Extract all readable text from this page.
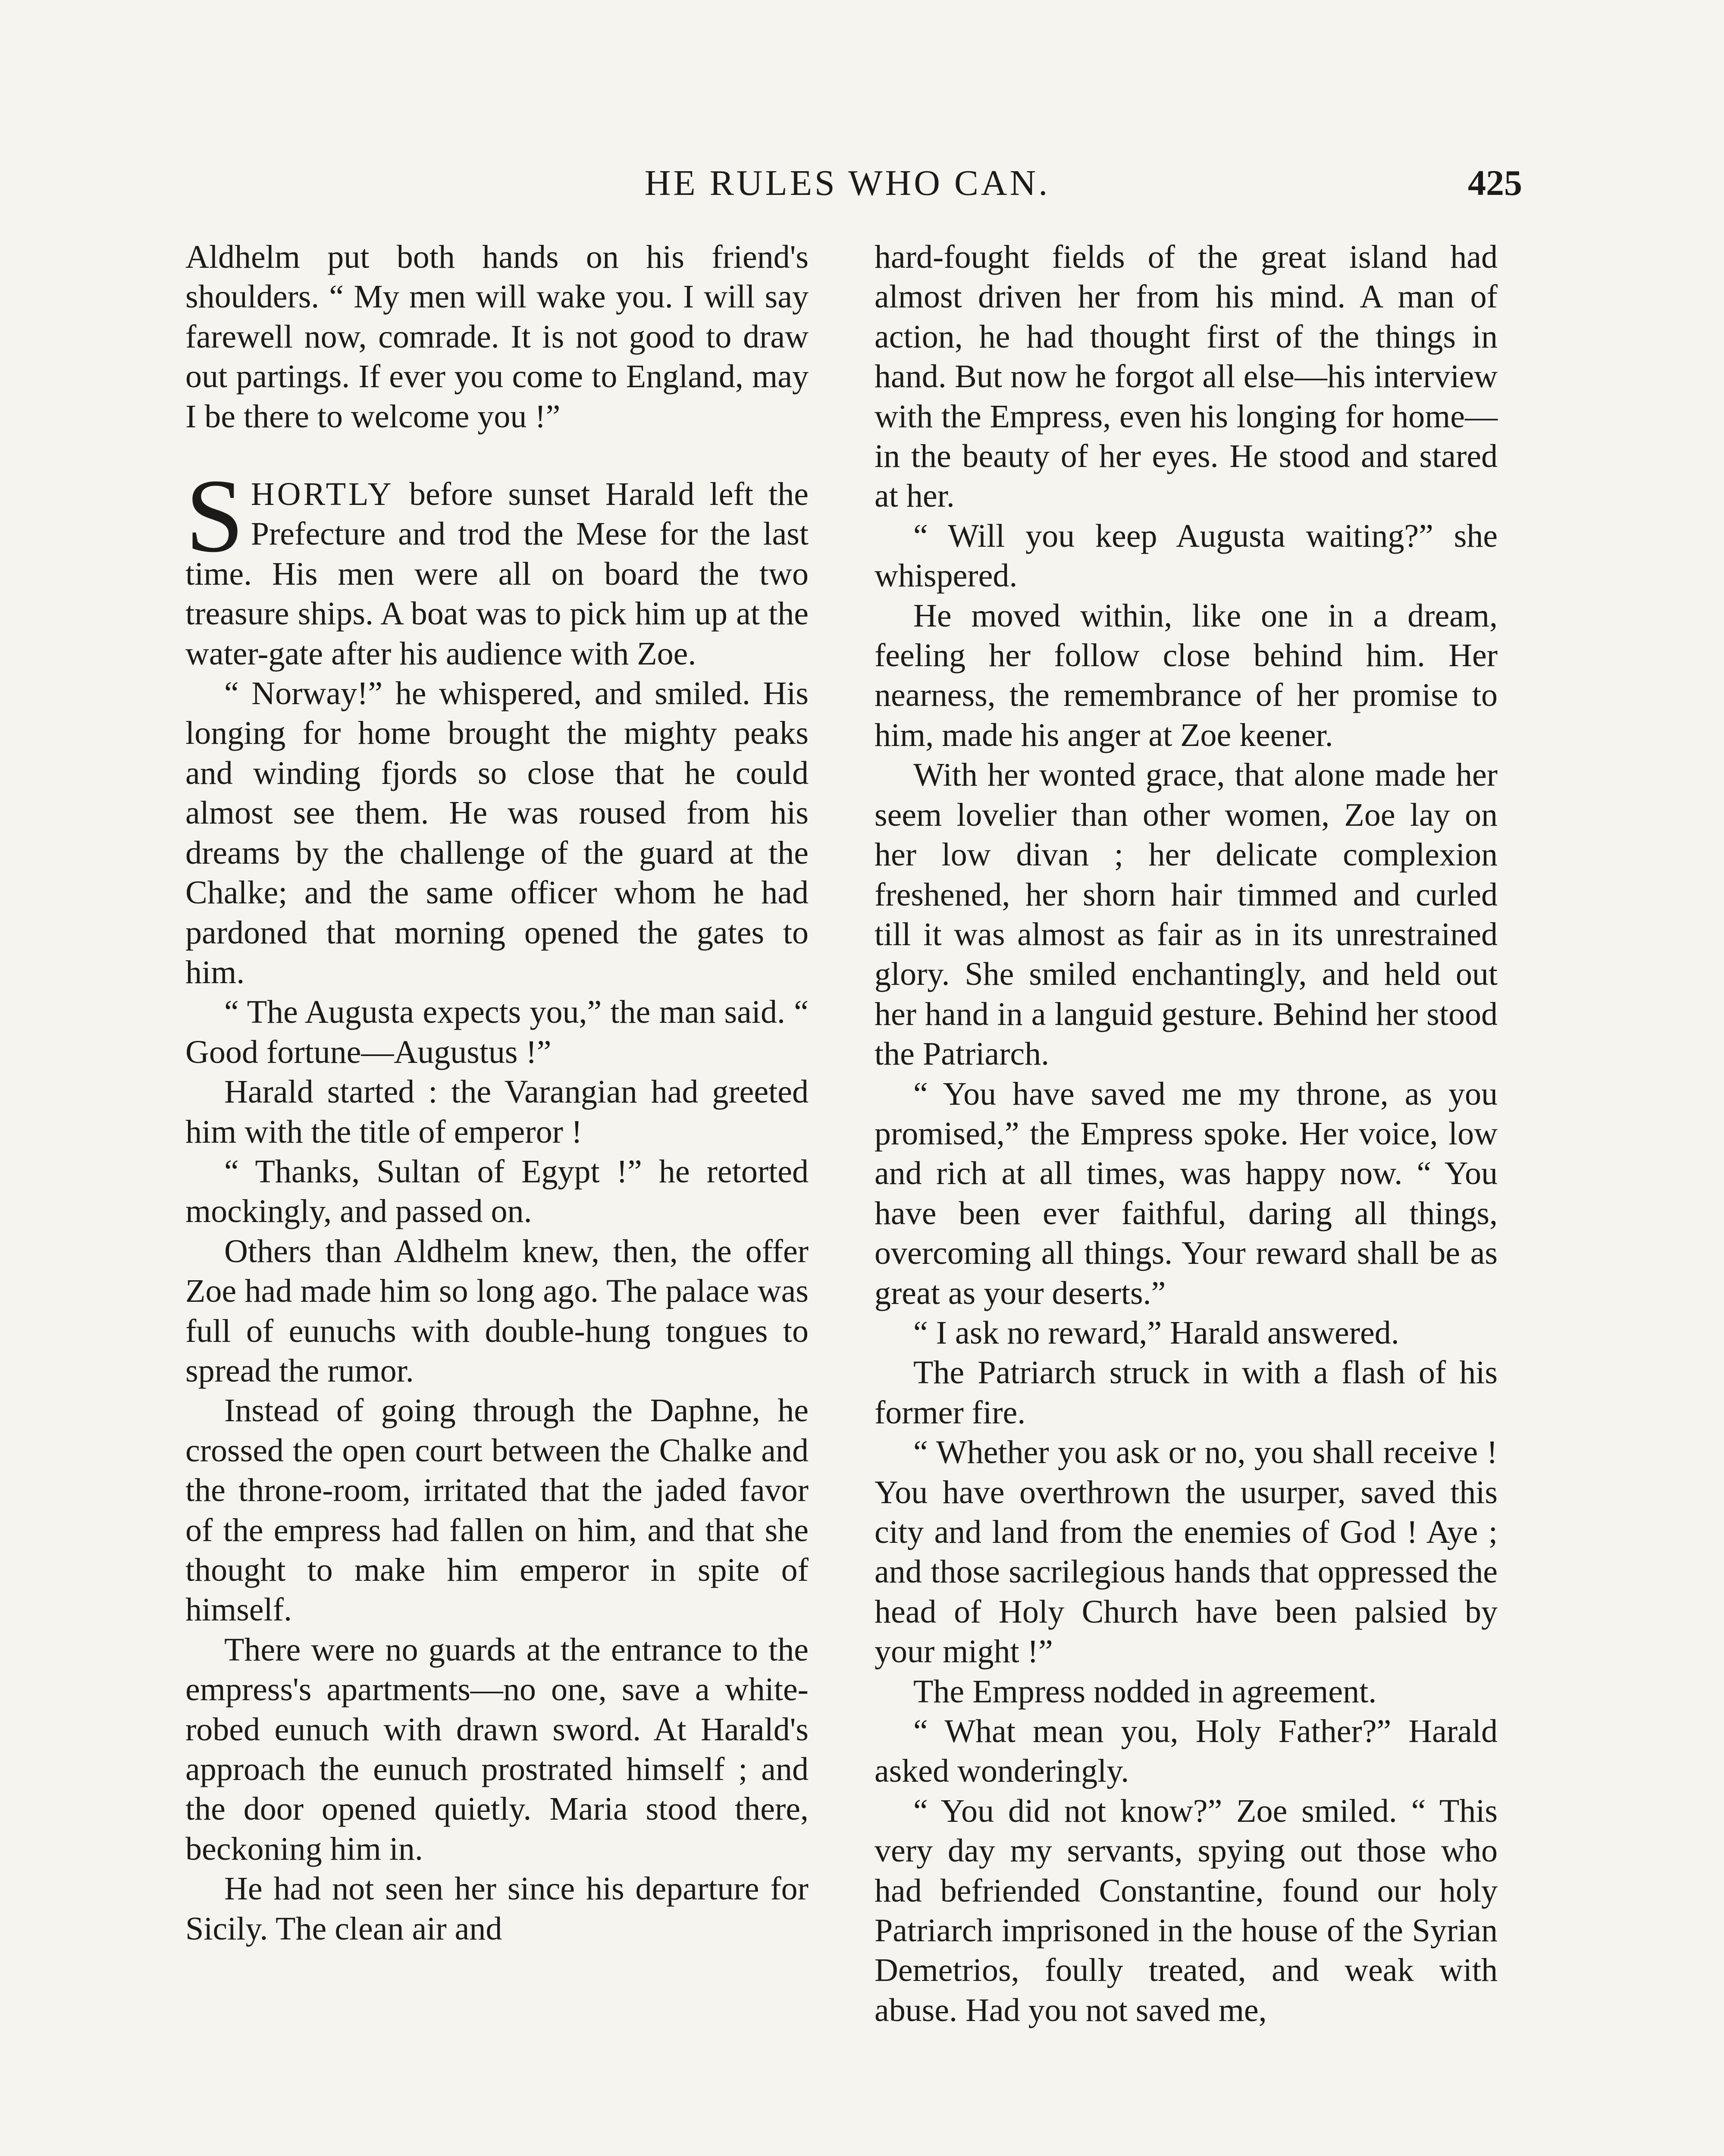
HE RULES WHO CAN.	425

Aldhelm put both hands on his friend's shoulders. “ My men will wake you. I will say farewell now, comrade. It is not good to draw out partings. If ever you come to England, may I be there to welcome you !”

SHORTLY before sunset Harald left the Prefecture and trod the Mese for the last time. His men were all on board the two treasure ships. A boat was to pick him up at the water-gate after his audience with Zoe.

“ Norway!” he whispered, and smiled. His longing for home brought the mighty peaks and winding fjords so close that he could almost see them. He was roused from his dreams by the challenge of the guard at the Chalke; and the same officer whom he had pardoned that morning opened the gates to him.

“ The Augusta expects you,” the man said. “ Good fortune—Augustus !”

Harald started : the Varangian had greeted him with the title of emperor !

“ Thanks, Sultan of Egypt !” he retorted mockingly, and passed on.

Others than Aldhelm knew, then, the offer Zoe had made him so long ago. The palace was full of eunuchs with double-hung tongues to spread the rumor.

Instead of going through the Daphne, he crossed the open court between the Chalke and the throne-room, irritated that the jaded favor of the empress had fallen on him, and that she thought to make him emperor in spite of himself.

There were no guards at the entrance to the empress's apartments—no one, save a white-robed eunuch with drawn sword. At Harald's approach the eunuch prostrated himself ; and the door opened quietly. Maria stood there, beckoning him in.

He had not seen her since his departure for Sicily. The clean air and

hard-fought fields of the great island had almost driven her from his mind. A man of action, he had thought first of the things in hand. But now he forgot all else—his interview with the Empress, even his longing for home—in the beauty of her eyes. He stood and stared at her.

“ Will you keep Augusta waiting?” she whispered.

He moved within, like one in a dream, feeling her follow close behind him. Her nearness, the remembrance of her promise to him, made his anger at Zoe keener.

With her wonted grace, that alone made her seem lovelier than other women, Zoe lay on her low divan ; her delicate complexion freshened, her shorn hair timmed and curled till it was almost as fair as in its unrestrained glory. She smiled enchantingly, and held out her hand in a languid gesture. Behind her stood the Patriarch.

“ You have saved me my throne, as you promised,” the Empress spoke. Her voice, low and rich at all times, was happy now. “ You have been ever faithful, daring all things, overcoming all things. Your reward shall be as great as your deserts.”

“ I ask no reward,” Harald answered.

The Patriarch struck in with a flash of his former fire.

“ Whether you ask or no, you shall receive ! You have overthrown the usurper, saved this city and land from the enemies of God ! Aye ; and those sacrilegious hands that oppressed the head of Holy Church have been palsied by your might !”

The Empress nodded in agreement.

“ What mean you, Holy Father?” Harald asked wonderingly.

“ You did not know?” Zoe smiled. “ This very day my servants, spying out those who had befriended Constantine, found our holy Patriarch imprisoned in the house of the Syrian Demetrios, foully treated, and weak with abuse. Had you not saved me,
